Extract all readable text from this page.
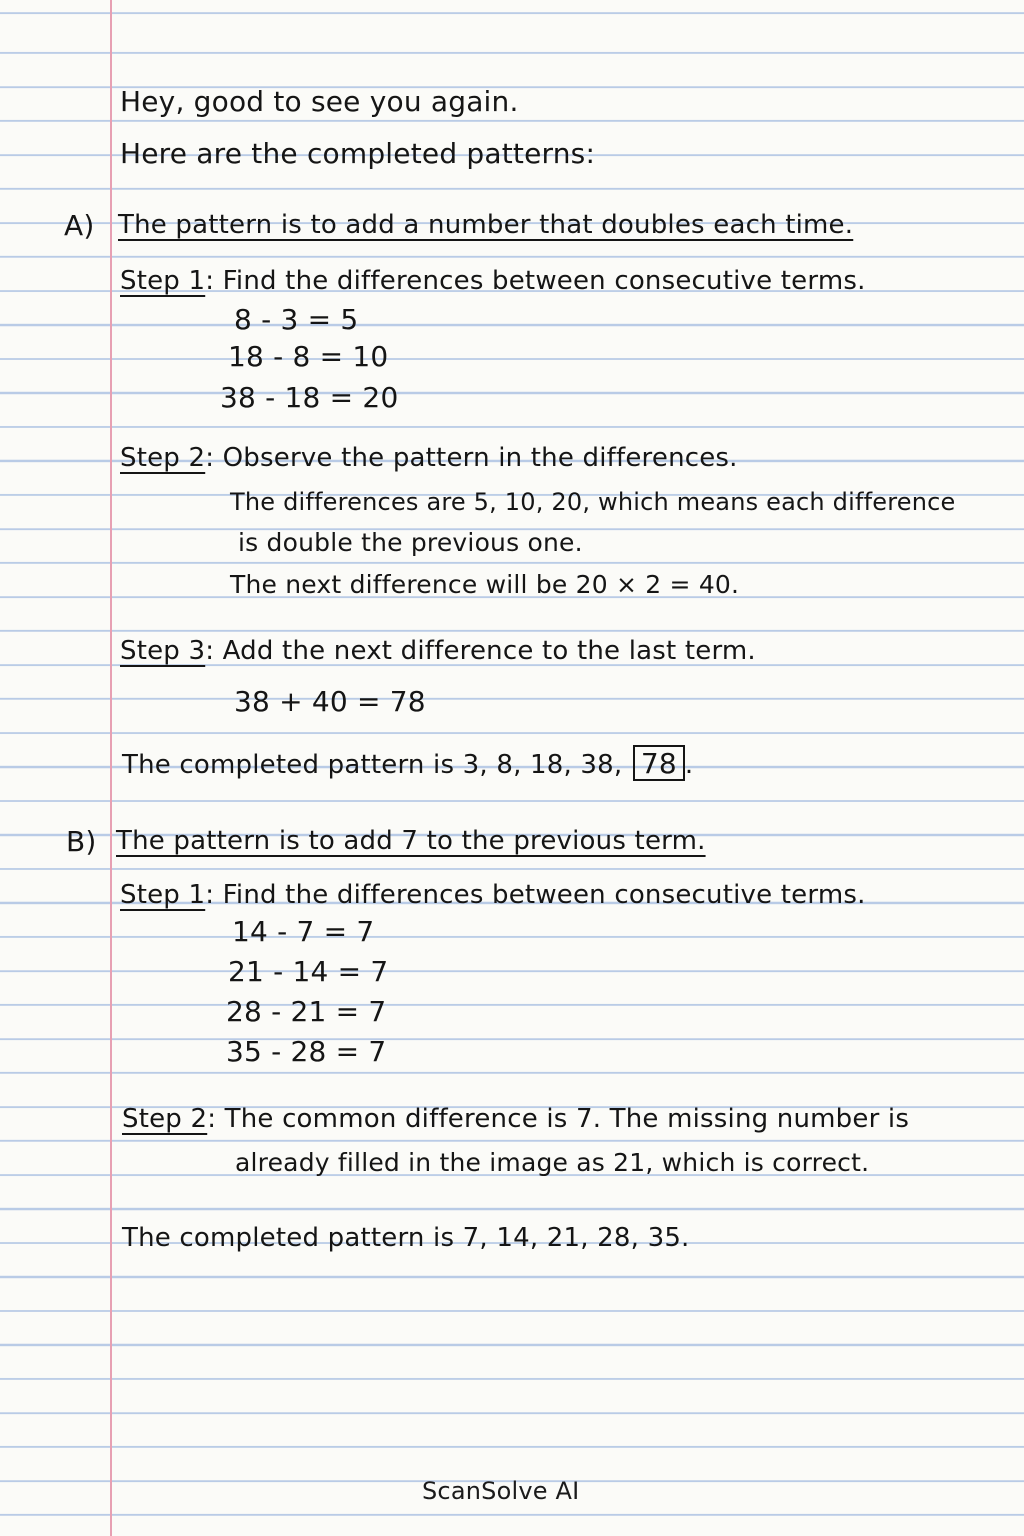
Hey, good to see you again.
Here are the completed patterns:
A) The pattern is to add a number that doubles each time.
Step 1: Find the differences between consecutive terms.
8 - 3 = 5
18 - 8 = 10
38 - 18 = 20
Step 2: Observe the pattern in the differences.
The differences are 5, 10, 20, which means each difference
is double the previous one.
The next difference will be 20 × 2 = 40.
Step 3: Add the next difference to the last term.
38 + 40 = 78
The completed pattern is 3, 8, 18, 38, 78 .
B) The pattern is to add 7 to the previous term.
Step 1: Find the differences between consecutive terms.
14 - 7 = 7
21 - 14 = 7
28 - 21 = 7
35 - 28 = 7
Step 2: The common difference is 7. The missing number is
already filled in the image as 21, which is correct.
The completed pattern is 7, 14, 21, 28, 35.
ScanSolve AI
